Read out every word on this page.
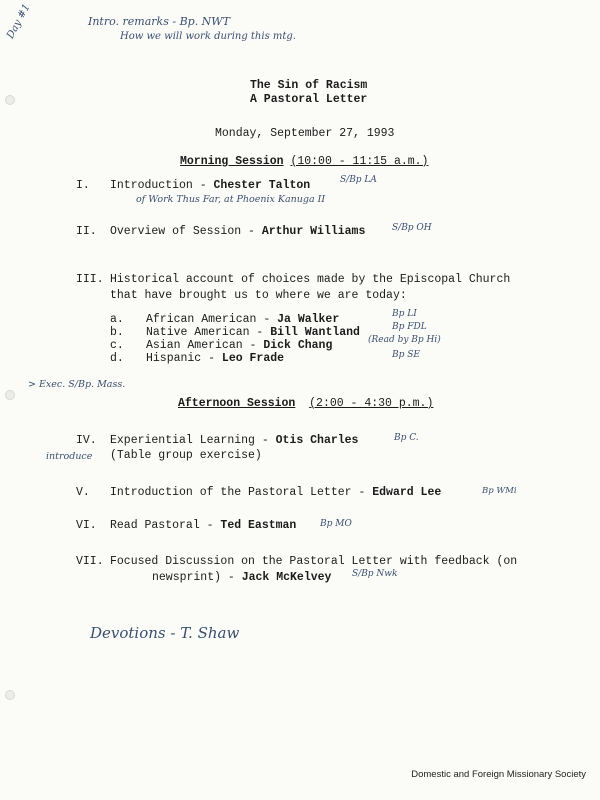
Day #1	Intro. remarks - Bp. NWT
How we will work during this mtg.
The Sin of Racism
A Pastoral Letter
Monday, September 27, 1993
Morning Session (10:00 - 11:15 a.m.)
I. Introduction - Chester Talton	S/Bp LA
of Work Thus Far, at Phoenix Kanuga II
II. Overview of Session - Arthur Williams	S/Bp OH
III. Historical account of choices made by the Episcopal Church
that have brought us to where we are today:
a. African American - Ja Walker	Bp LI
b. Native American - Bill Wantland	Bp FDL
c. Asian American - Dick Chang	(Read by Bp Hi)
d. Hispanic - Leo Frade	Bp SE
> Exec. S/Bp. Mass.
Afternoon Session (2:00 - 4:30 p.m.)
IV. Experiential Learning - Otis Charles	Bp C.
introduce (Table group exercise)
V. Introduction of the Pastoral Letter - Edward Lee	Bp WMi
VI. Read Pastoral - Ted Eastman	Bp MO
VII. Focused Discussion on the Pastoral Letter with feedback (on
newsprint) - Jack McKelvey S/Bp Nwk
Devotions - T. Shaw
Domestic and Foreign Missionary Society
